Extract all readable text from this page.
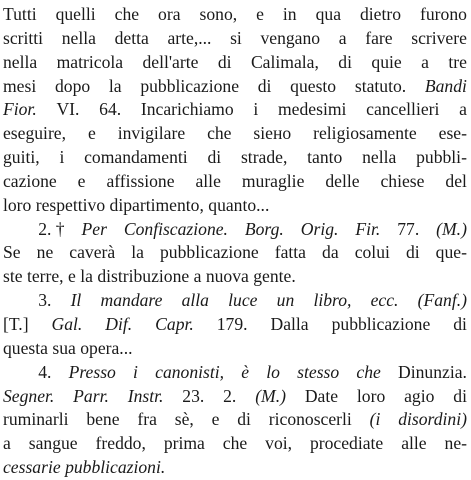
Tutti quelli che ora sono, e in qua dietro furono
scritti nella detta arte,... si vengano a fare scrivere
nella matricola dell'arte di Calimala, di quie a tre
mesi dopo la pubblicazione di questo statuto. Bandi
Fior. VI. 64. Incarichiamo i medesimi cancellieri a
eseguire, e invigilare che siено religiosamente ese-
guiti, i comandamenti di strade, tanto nella pubbli-
cazione e affissione alle muraglie delle chiese del
loro respettivo dipartimento, quanto...
  2. † Per Confiscazione. Borg. Orig. Fir. 77. (M.)
Se ne caverà la pubblicazione fatta da colui di que-
ste terre, e la distribuzione a nuova gente.
  3. Il mandare alla luce un libro, ecc. (Fanf.)
[T.] Gal. Dif. Capr. 179. Dalla pubblicazione di
questa sua opera...
  4. Presso i canonisti, è lo stesso che Dinunzia.
Segner. Parr. Instr. 23. 2. (M.) Date loro agio di
ruminarli bene fra sè, e di riconoscerli (i disordini)
a sangue freddo, prima che voi, procediate alle ne-
cessarie pubblicazioni.
